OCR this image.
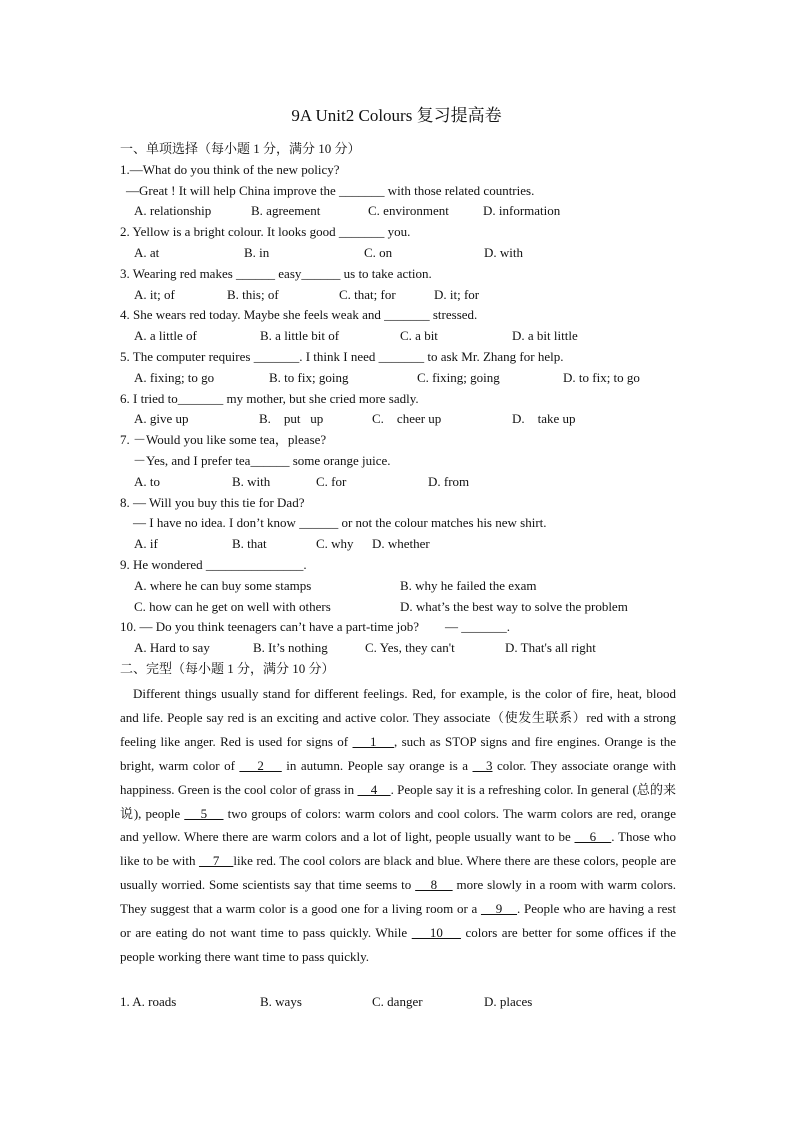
9A Unit2 Colours 复习提高卷
一、单项选择（每小题 1 分，满分 10 分）
1.—What do you think of the new policy?
—Great ! It will help China improve the _______ with those related countries.
A. relationship	B. agreement	C. environment	D. information
2. Yellow is a bright colour. It looks good _______ you.
A. at	B. in	C. on	D. with
3. Wearing red makes ______ easy______ us to take action.
A. it; of	B. this; of	C. that; for	D. it; for
4. She wears red today. Maybe she feels weak and _______ stressed.
A. a little of	B. a little bit of	C. a bit	D. a bit little
5. The computer requires _______. I think I need _______ to ask Mr. Zhang for help.
A. fixing; to go	B. to fix; going	C. fixing; going	D. to fix; to go
6. I tried to_______ my mother, but she cried more sadly.
A. give up	B.    put   up	C.    cheer up	D.    take up
7. －Would you like some tea，please?
－Yes, and I prefer tea______ some orange juice.
A. to	B. with	C. for	D. from
8. — Will you buy this tie for Dad?
— I have no idea. I don’t know ______ or not the colour matches his new shirt.
A. if	B. that	C. why D. whether
9. He wondered _______________.
A. where he can buy some stamps	B. why he failed the exam
C. how can he get on well with others	D. what’s the best way to solve the problem
10. — Do you think teenagers can’t have a part-time job?        — _______.
A. Hard to say	B. It’s nothing	C. Yes, they can't	D. That's all right
二、完型（每小题 1 分，满分 10 分）
Different things usually stand for different feelings. Red, for example, is the color of fire, heat, blood and life. People say red is an exciting and active color. They associate（使发生联系）red with a strong feeling like anger. Red is used for signs of     1    , such as STOP signs and fire engines. Orange is the bright, warm color of     2     in autumn. People say orange is a    3 color. They associate orange with happiness. Green is the cool color of grass in     4    . People say it is a refreshing color. In general (总的来说), people     5     two groups of colors: warm colors and cool colors. The warm colors are red, orange and yellow. Where there are warm colors and a lot of light, people usually want to be     6    . Those who like to be with     7    like red. The cool colors are black and blue. Where there are these colors, people are usually worried. Some scientists say that time seems to     8     more slowly in a room with warm colors. They suggest that a warm color is a good one for a living room or a     9    . People who are having a rest or are eating do not want time to pass quickly. While     10     colors are better for some offices if the people working there want time to pass quickly.
1. A. roads	B. ways	C. danger	D. places
